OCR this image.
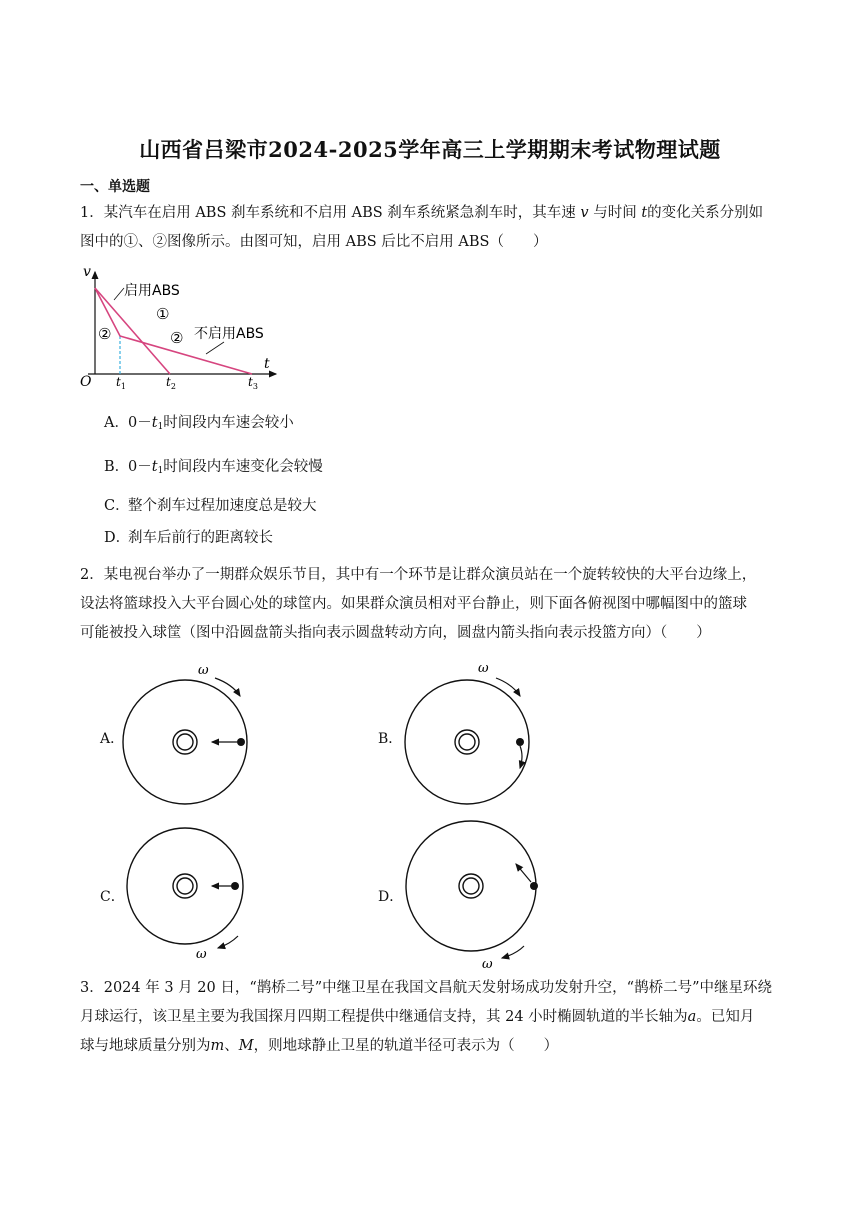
山西省吕梁市2024-2025学年高三上学期期末考试物理试题
一、单选题
1．某汽车在启用 ABS 刹车系统和不启用 ABS 刹车系统紧急刹车时，其车速 v 与时间 t的变化关系分别如
图中的①、②图像所示。由图可知，启用 ABS 后比不启用 ABS（　　）
v
t
O
启用ABS
①
②	② 不启用ABS
$t_1$	$t_2$	$t_3$
A．$0-t_1$时间段内车速会较小
B．$0-t_1$时间段内车速变化会较慢
C．整个刹车过程加速度总是较大
D．刹车后前行的距离较长
2．某电视台举办了一期群众娱乐节目，其中有一个环节是让群众演员站在一个旋转较快的大平台边缘上，
设法将篮球投入大平台圆心处的球筐内。如果群众演员相对平台静止，则下面各俯视图中哪幅图中的篮球
可能被投入球筐（图中沿圆盘箭头指向表示圆盘转动方向，圆盘内箭头指向表示投篮方向）（　　）
A．	B．
C．	D．
ω	ω
ω
ω
3．2024 年 3 月 20 日，“鹊桥二号”中继卫星在我国文昌航天发射场成功发射升空，“鹊桥二号”中继星环绕
月球运行，该卫星主要为我国探月四期工程提供中继通信支持，其 24 小时椭圆轨道的半长轴为a。已知月
球与地球质量分别为m、M，则地球静止卫星的轨道半径可表示为（　　）
